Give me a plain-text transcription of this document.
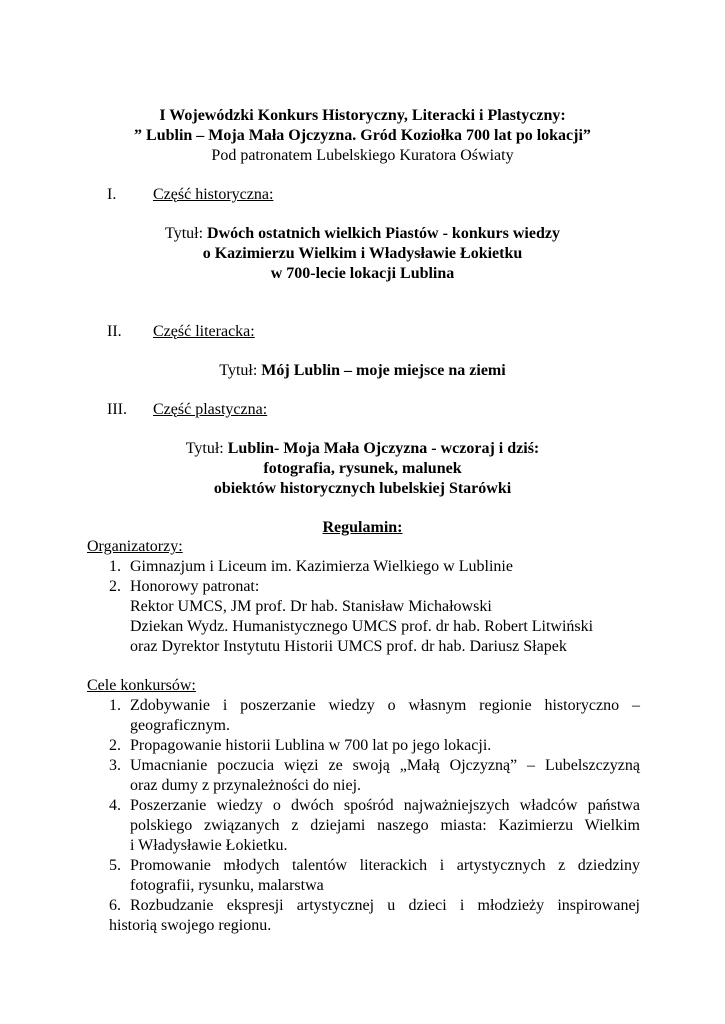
I Wojewódzki Konkurs Historyczny, Literacki i Plastyczny:
” Lublin – Moja Mała Ojczyzna. Gród Koziołka 700 lat po lokacji”
Pod patronatem Lubelskiego Kuratora Oświaty
I. Część historyczna:
Tytuł: Dwóch ostatnich wielkich Piastów - konkurs wiedzy
o Kazimierzu Wielkim i Władysławie Łokietku
w 700-lecie lokacji Lublina
II. Część literacka:
Tytuł: Mój Lublin – moje miejsce na ziemi
III. Część plastyczna:
Tytuł: Lublin- Moja Mała Ojczyzna - wczoraj i dziś:
fotografia, rysunek, malunek
obiektów historycznych lubelskiej Starówki
Regulamin:
Organizatorzy:
1. Gimnazjum i Liceum im. Kazimierza Wielkiego w Lublinie
2. Honorowy patronat:
Rektor UMCS, JM prof. Dr hab. Stanisław Michałowski
Dziekan Wydz. Humanistycznego UMCS prof. dr hab. Robert Litwiński
oraz Dyrektor Instytutu Historii UMCS prof. dr hab. Dariusz Słapek
Cele konkursów:
1. Zdobywanie i poszerzanie wiedzy o własnym regionie historyczno –
geograficznym.
2. Propagowanie historii Lublina w 700 lat po jego lokacji.
3. Umacnianie poczucia więzi ze swoją „Małą Ojczyzną” – Lubelszczyzną
oraz dumy z przynależności do niej.
4. Poszerzanie wiedzy o dwóch spośród najważniejszych władców państwa
polskiego związanych z dziejami naszego miasta: Kazimierzu Wielkim
i Władysławie Łokietku.
5. Promowanie młodych talentów literackich i artystycznych z dziedziny
fotografii, rysunku, malarstwa
6. Rozbudzanie ekspresji artystycznej u dzieci i młodzieży inspirowanej
historią swojego regionu.
